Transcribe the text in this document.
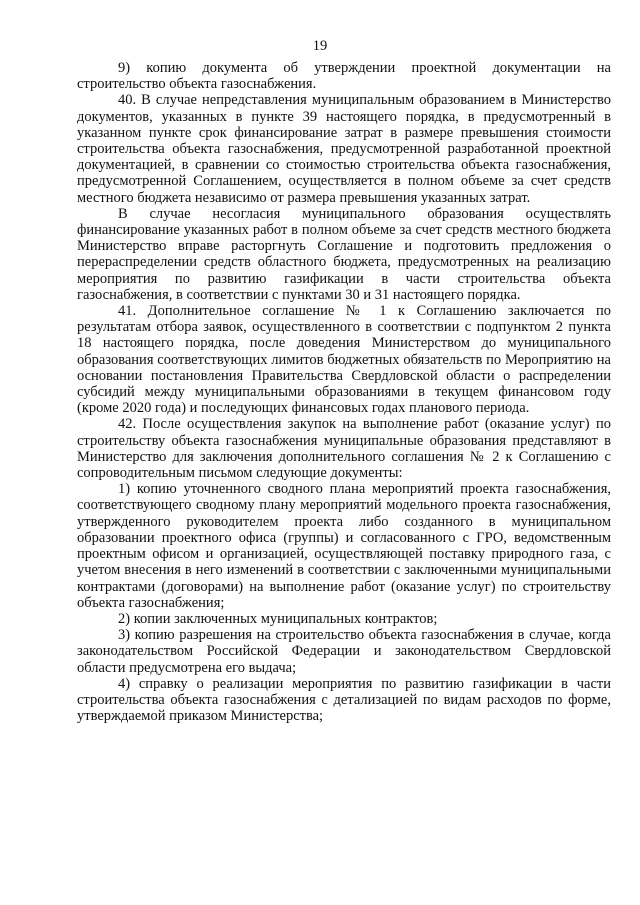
19

9) копию документа об утверждении проектной документации на строительство объекта газоснабжения.

40. В случае непредставления муниципальным образованием в Министерство документов, указанных в пункте 39 настоящего порядка, в предусмотренный в указанном пункте срок финансирование затрат в размере превышения стоимости строительства объекта газоснабжения, предусмотренной разработанной проектной документацией, в сравнении со стоимостью строительства объекта газоснабжения, предусмотренной Соглашением, осуществляется в полном объеме за счет средств местного бюджета независимо от размера превышения указанных затрат.

В случае несогласия муниципального образования осуществлять финансирование указанных работ в полном объеме за счет средств местного бюджета Министерство вправе расторгнуть Соглашение и подготовить предложения о перераспределении средств областного бюджета, предусмотренных на реализацию мероприятия по развитию газификации в части строительства объекта газоснабжения, в соответствии с пунктами 30 и 31 настоящего порядка.

41. Дополнительное соглашение № 1 к Соглашению заключается по результатам отбора заявок, осуществленного в соответствии с подпунктом 2 пункта 18 настоящего порядка, после доведения Министерством до муниципального образования соответствующих лимитов бюджетных обязательств по Мероприятию на основании постановления Правительства Свердловской области о распределении субсидий между муниципальными образованиями в текущем финансовом году (кроме 2020 года) и последующих финансовых годах планового периода.

42. После осуществления закупок на выполнение работ (оказание услуг) по строительству объекта газоснабжения муниципальные образования представляют в Министерство для заключения дополнительного соглашения № 2 к Соглашению с сопроводительным письмом следующие документы:

1) копию уточненного сводного плана мероприятий проекта газоснабжения, соответствующего сводному плану мероприятий модельного проекта газоснабжения, утвержденного руководителем проекта либо созданного в муниципальном образовании проектного офиса (группы) и согласованного с ГРО, ведомственным проектным офисом и организацией, осуществляющей поставку природного газа, с учетом внесения в него изменений в соответствии с заключенными муниципальными контрактами (договорами) на выполнение работ (оказание услуг) по строительству объекта газоснабжения;

2) копии заключенных муниципальных контрактов;

3) копию разрешения на строительство объекта газоснабжения в случае, когда законодательством Российской Федерации и законодательством Свердловской области предусмотрена его выдача;

4) справку о реализации мероприятия по развитию газификации в части строительства объекта газоснабжения с детализацией по видам расходов по форме, утверждаемой приказом Министерства;
